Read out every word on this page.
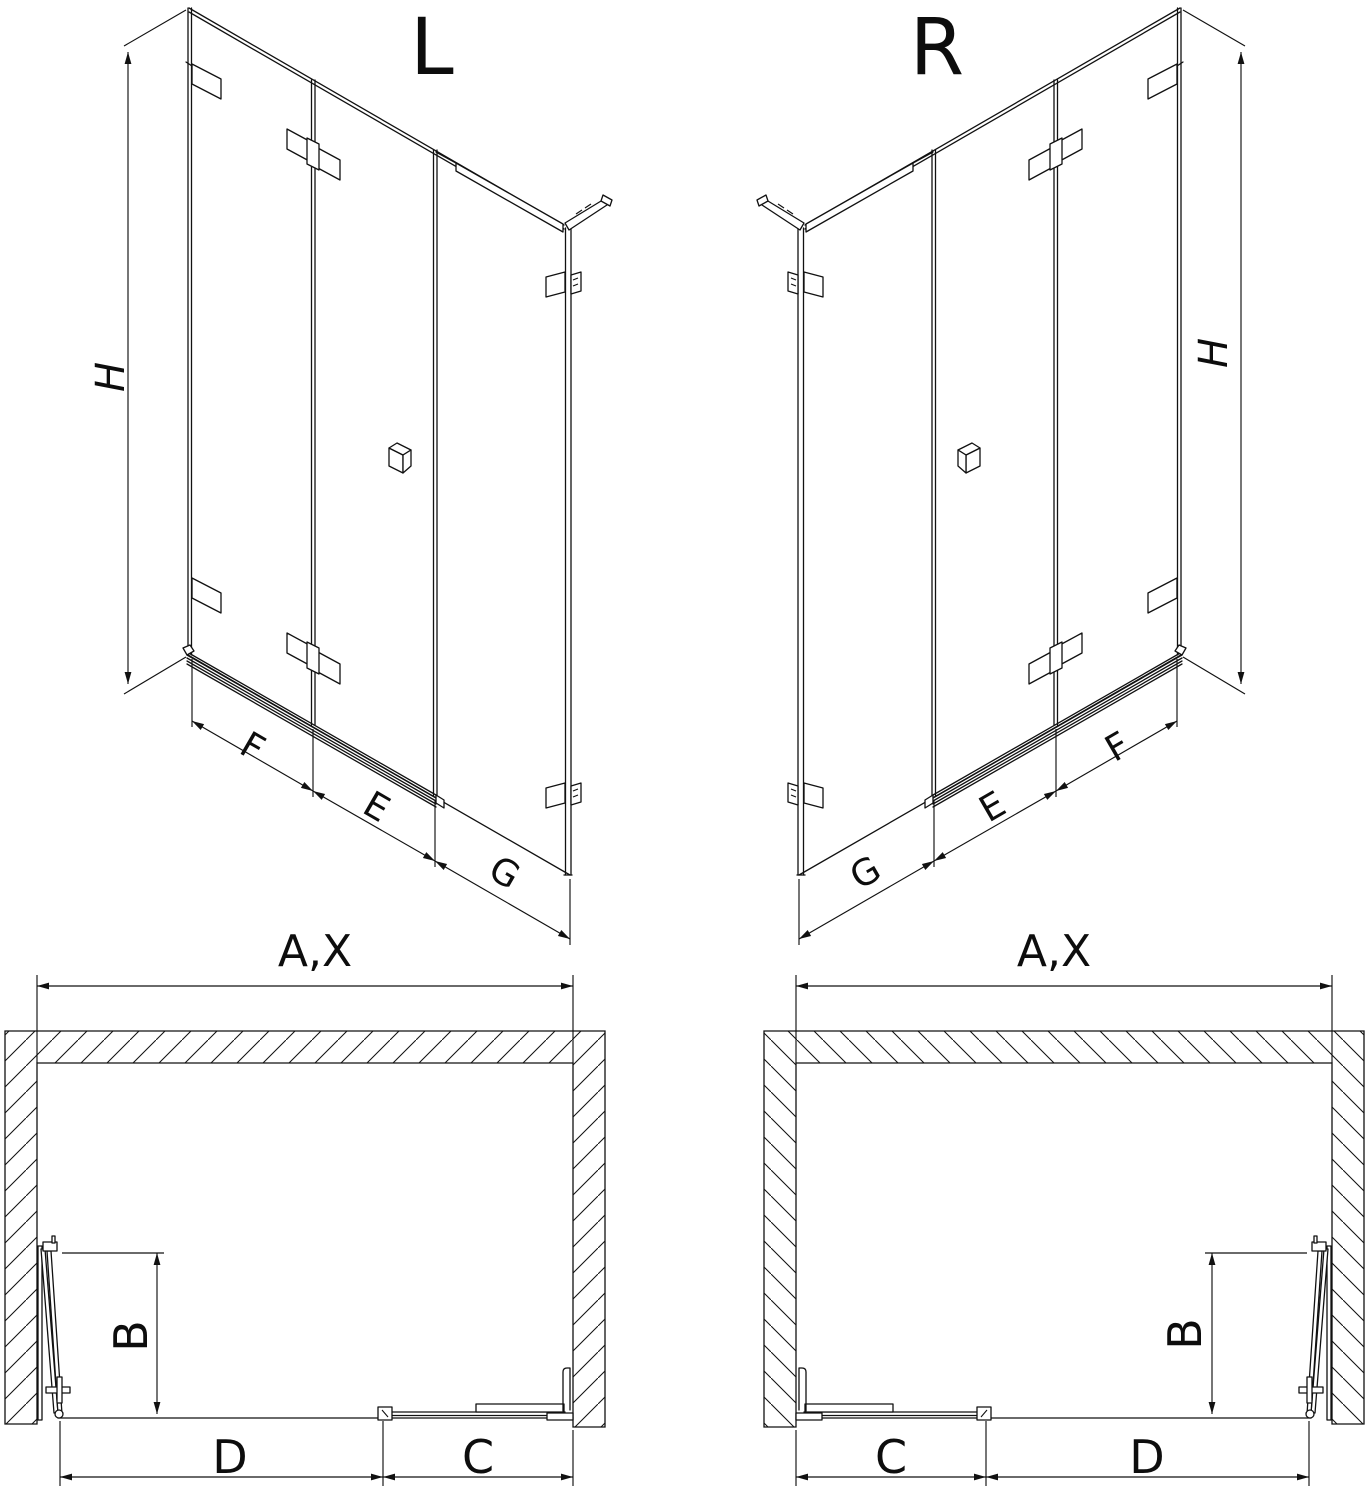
L
H
F
E
G
R
H
F
E
G
A,X
B
D	C
A,X
B
C	D
